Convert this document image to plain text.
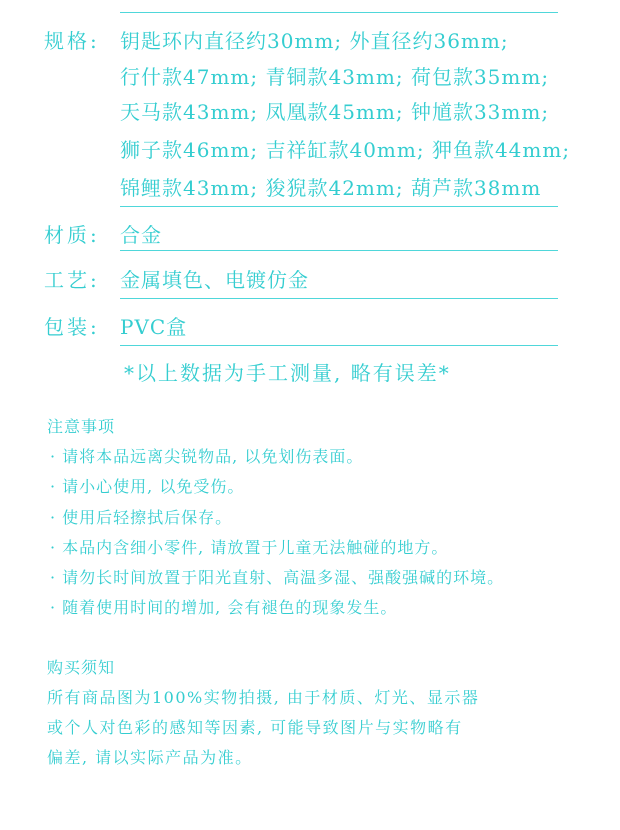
规格: 钥匙环内直径约30mm; 外直径约36mm;
行什款47mm; 青铜款43mm; 荷包款35mm;
天马款43mm; 凤凰款45mm; 钟馗款33mm;
狮子款46mm; 吉祥缸款40mm; 狎鱼款44mm;
锦鲤款43mm; 狻猊款42mm; 葫芦款38mm
材质: 合金
工艺: 金属填色、电镀仿金
包装: PVC盒
*以上数据为手工测量, 略有误差*
注意事项
· 请将本品远离尖锐物品, 以免划伤表面。
· 请小心使用, 以免受伤。
· 使用后轻擦拭后保存。
· 本品内含细小零件, 请放置于儿童无法触碰的地方。
· 请勿长时间放置于阳光直射、高温多湿、强酸强碱的环境。
· 随着使用时间的增加, 会有褪色的现象发生。
购买须知
所有商品图为100%实物拍摄, 由于材质、灯光、显示器
或个人对色彩的感知等因素, 可能导致图片与实物略有
偏差, 请以实际产品为准。
